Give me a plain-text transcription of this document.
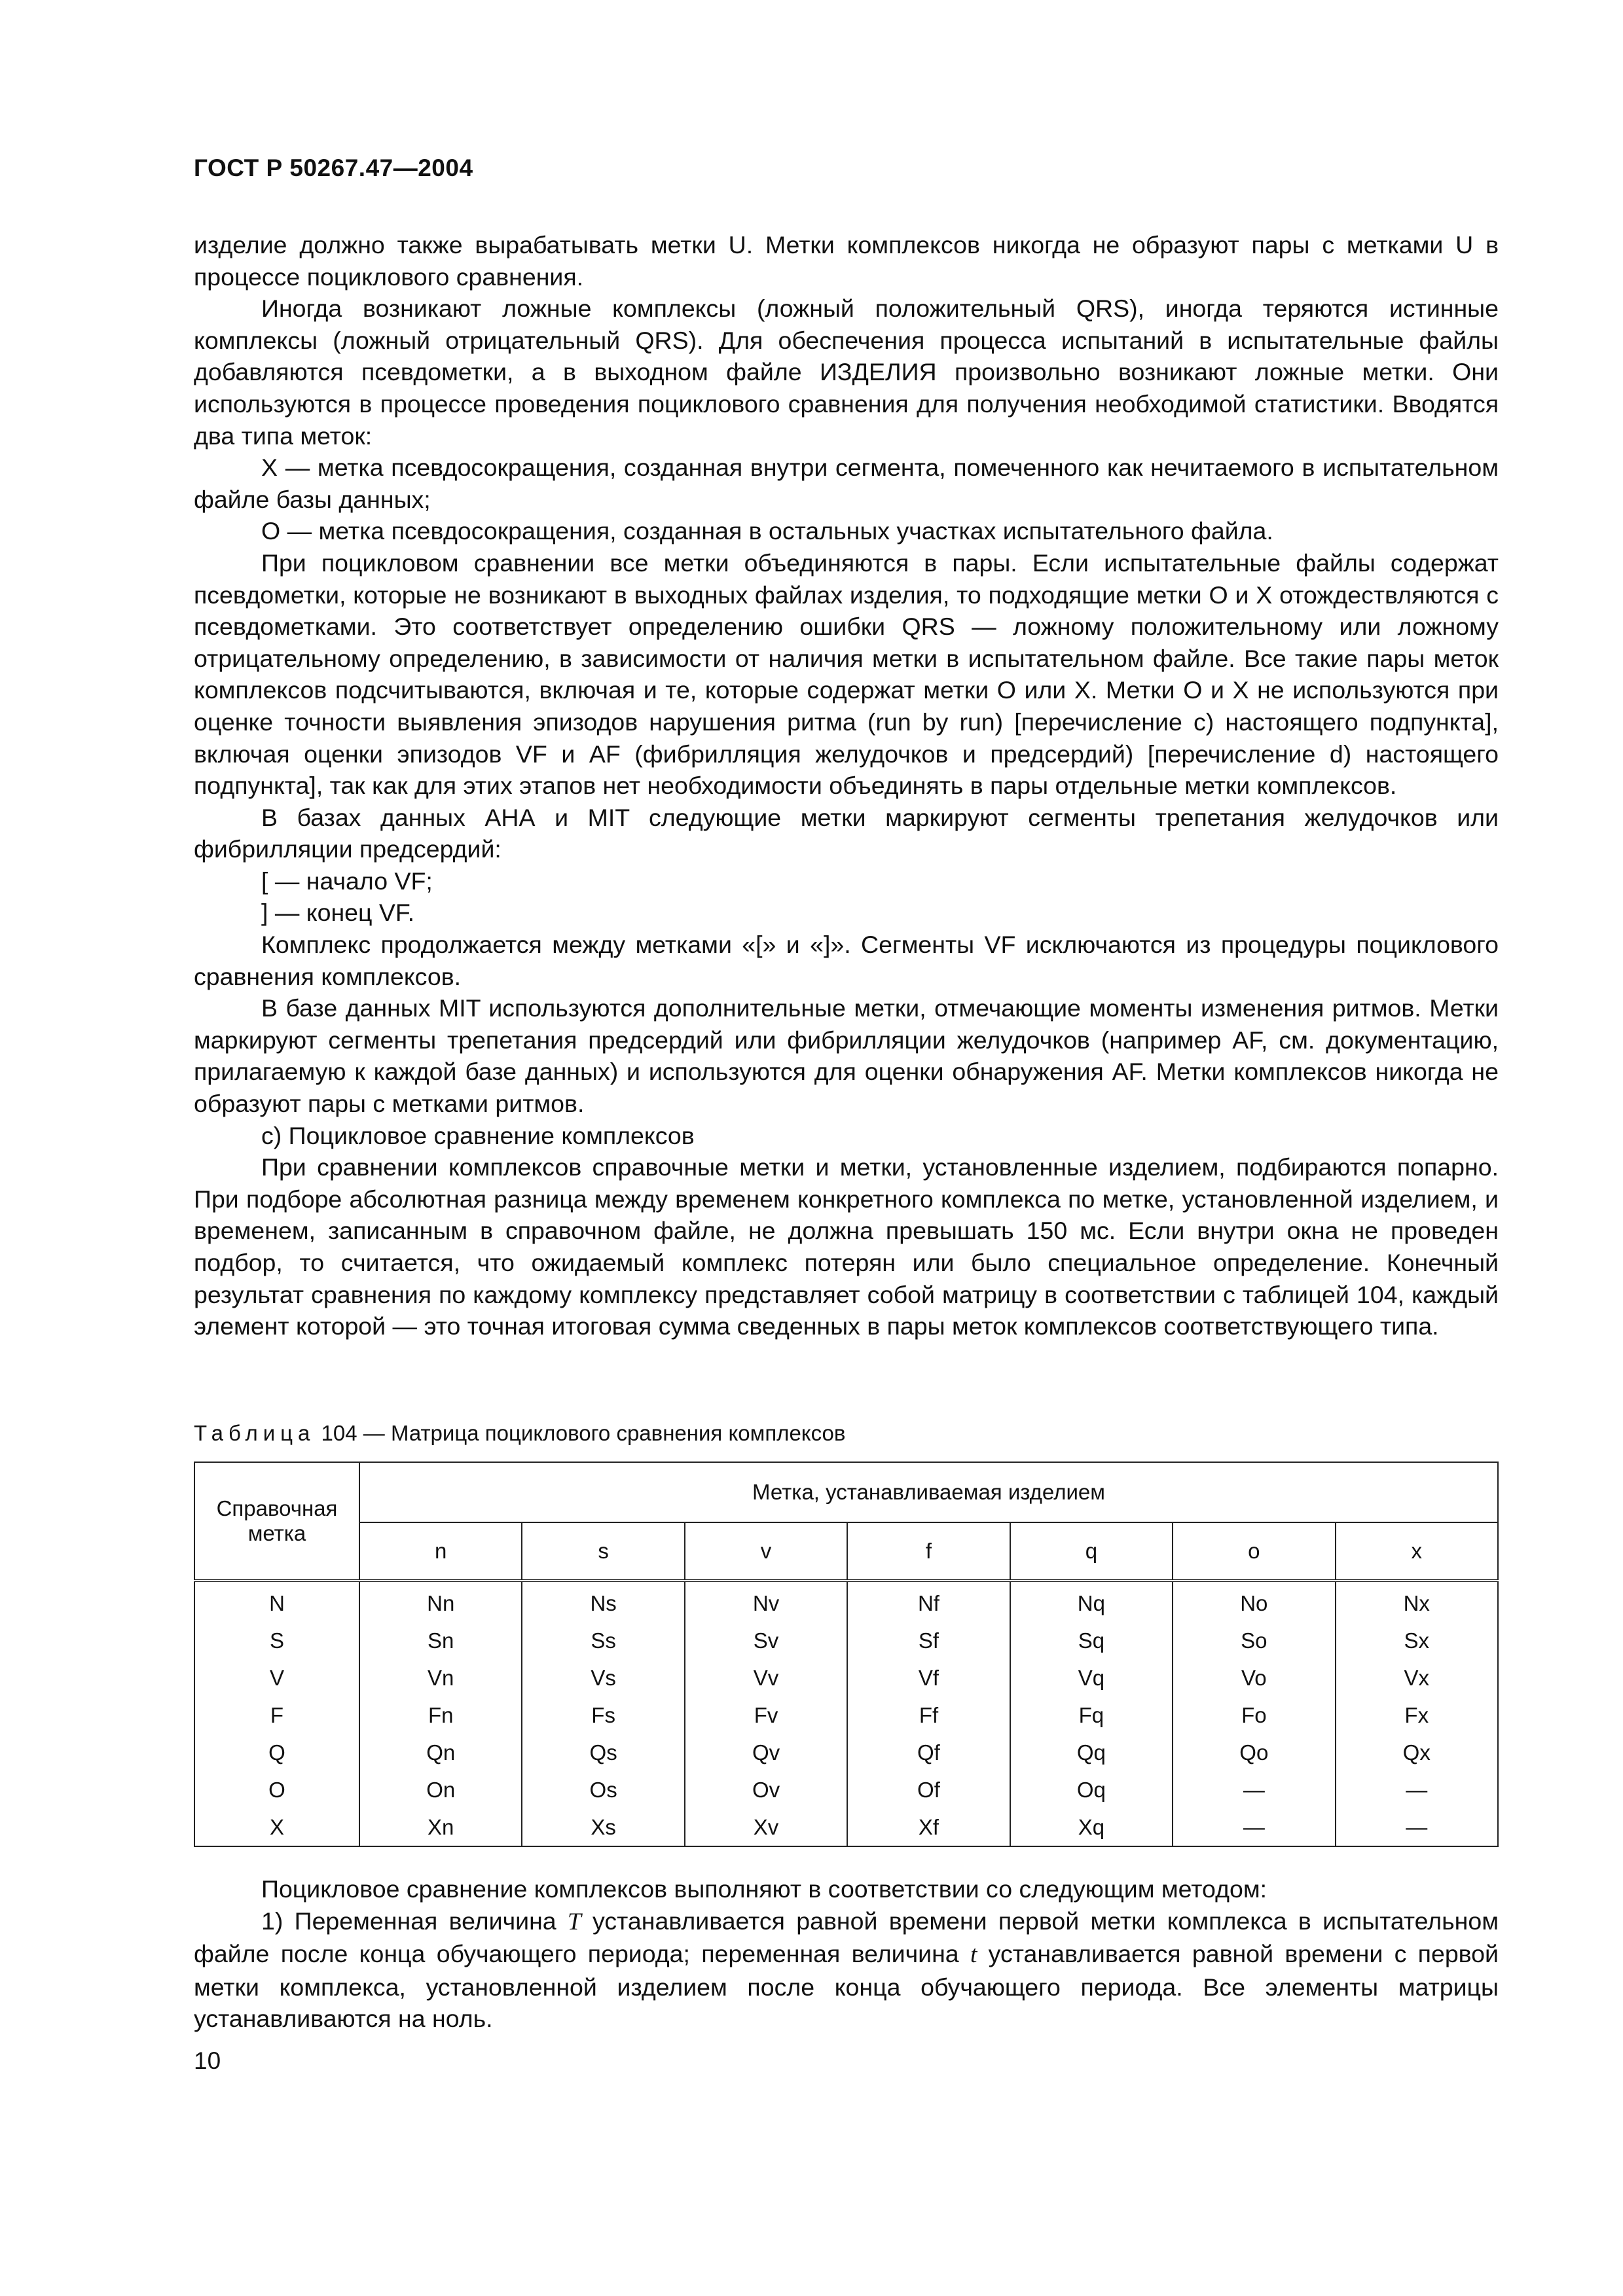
ГОСТ Р 50267.47—2004

изделие должно также вырабатывать метки U. Метки комплексов никогда не образуют пары с метками U в процессе поциклового сравнения.

Иногда возникают ложные комплексы (ложный положительный QRS), иногда теряются истинные комплексы (ложный отрицательный QRS). Для обеспечения процесса испытаний в испытательные файлы добавляются псевдометки, а в выходном файле ИЗДЕЛИЯ произвольно возникают ложные метки. Они используются в процессе проведения поциклового сравнения для получения необходимой статистики. Вводятся два типа меток:

X — метка псевдосокращения, созданная внутри сегмента, помеченного как нечитаемого в испытательном файле базы данных;

О — метка псевдосокращения, созданная в остальных участках испытательного файла.

При поцикловом сравнении все метки объединяются в пары. Если испытательные файлы содержат псевдометки, которые не возникают в выходных файлах изделия, то подходящие метки О и X отождествляются с псевдометками. Это соответствует определению ошибки QRS — ложному положительному или ложному отрицательному определению, в зависимости от наличия метки в испытательном файле. Все такие пары меток комплексов подсчитываются, включая и те, которые содержат метки О или X. Метки О и X не используются при оценке точности выявления эпизодов нарушения ритма (run by run) [перечисление с) настоящего подпункта], включая оценки эпизодов VF и AF (фибрилляция желудочков и предсердий) [перечисление d) настоящего подпункта], так как для этих этапов нет необходимости объединять в пары отдельные метки комплексов.

В базах данных АНА и MIT следующие метки маркируют сегменты трепетания желудочков или фибрилляции предсердий:

[ — начало VF;

] — конец VF.

Комплекс продолжается между метками «[» и «]». Сегменты VF исключаются из процедуры поциклового сравнения комплексов.

В базе данных MIT используются дополнительные метки, отмечающие моменты изменения ритмов. Метки маркируют сегменты трепетания предсердий или фибрилляции желудочков (например AF, см. документацию, прилагаемую к каждой базе данных) и используются для оценки обнаружения AF. Метки комплексов никогда не образуют пары с метками ритмов.

с) Поцикловое сравнение комплексов

При сравнении комплексов справочные метки и метки, установленные изделием, подбираются попарно. При подборе абсолютная разница между временем конкретного комплекса по метке, установленной изделием, и временем, записанным в справочном файле, не должна превышать 150 мс. Если внутри окна не проведен подбор, то считается, что ожидаемый комплекс потерян или было специальное определение. Конечный результат сравнения по каждому комплексу представляет собой матрицу в соответствии с таблицей 104, каждый элемент которой — это точная итоговая сумма сведенных в пары меток комплексов соответствующего типа.

Таблица 104 — Матрица поциклового сравнения комплексов
Справочная метка	Метка, устанавливаемая изделием						
	n	s	v	f	q	o	x
N	Nn	Ns	Nv	Nf	Nq	No	Nx
S	Sn	Ss	Sv	Sf	Sq	So	Sx
V	Vn	Vs	Vv	Vf	Vq	Vo	Vx
F	Fn	Fs	Fv	Ff	Fq	Fo	Fx
Q	Qn	Qs	Qv	Qf	Qq	Qo	Qx
O	On	Os	Ov	Of	Oq	—	—
X	Xn	Xs	Xv	Xf	Xq	—	—

Поцикловое сравнение комплексов выполняют в соответствии со следующим методом:

1) Переменная величина T устанавливается равной времени первой метки комплекса в испытательном файле после конца обучающего периода; переменная величина t устанавливается равной времени с первой метки комплекса, установленной изделием после конца обучающего периода. Все элементы матрицы устанавливаются на ноль.

10
